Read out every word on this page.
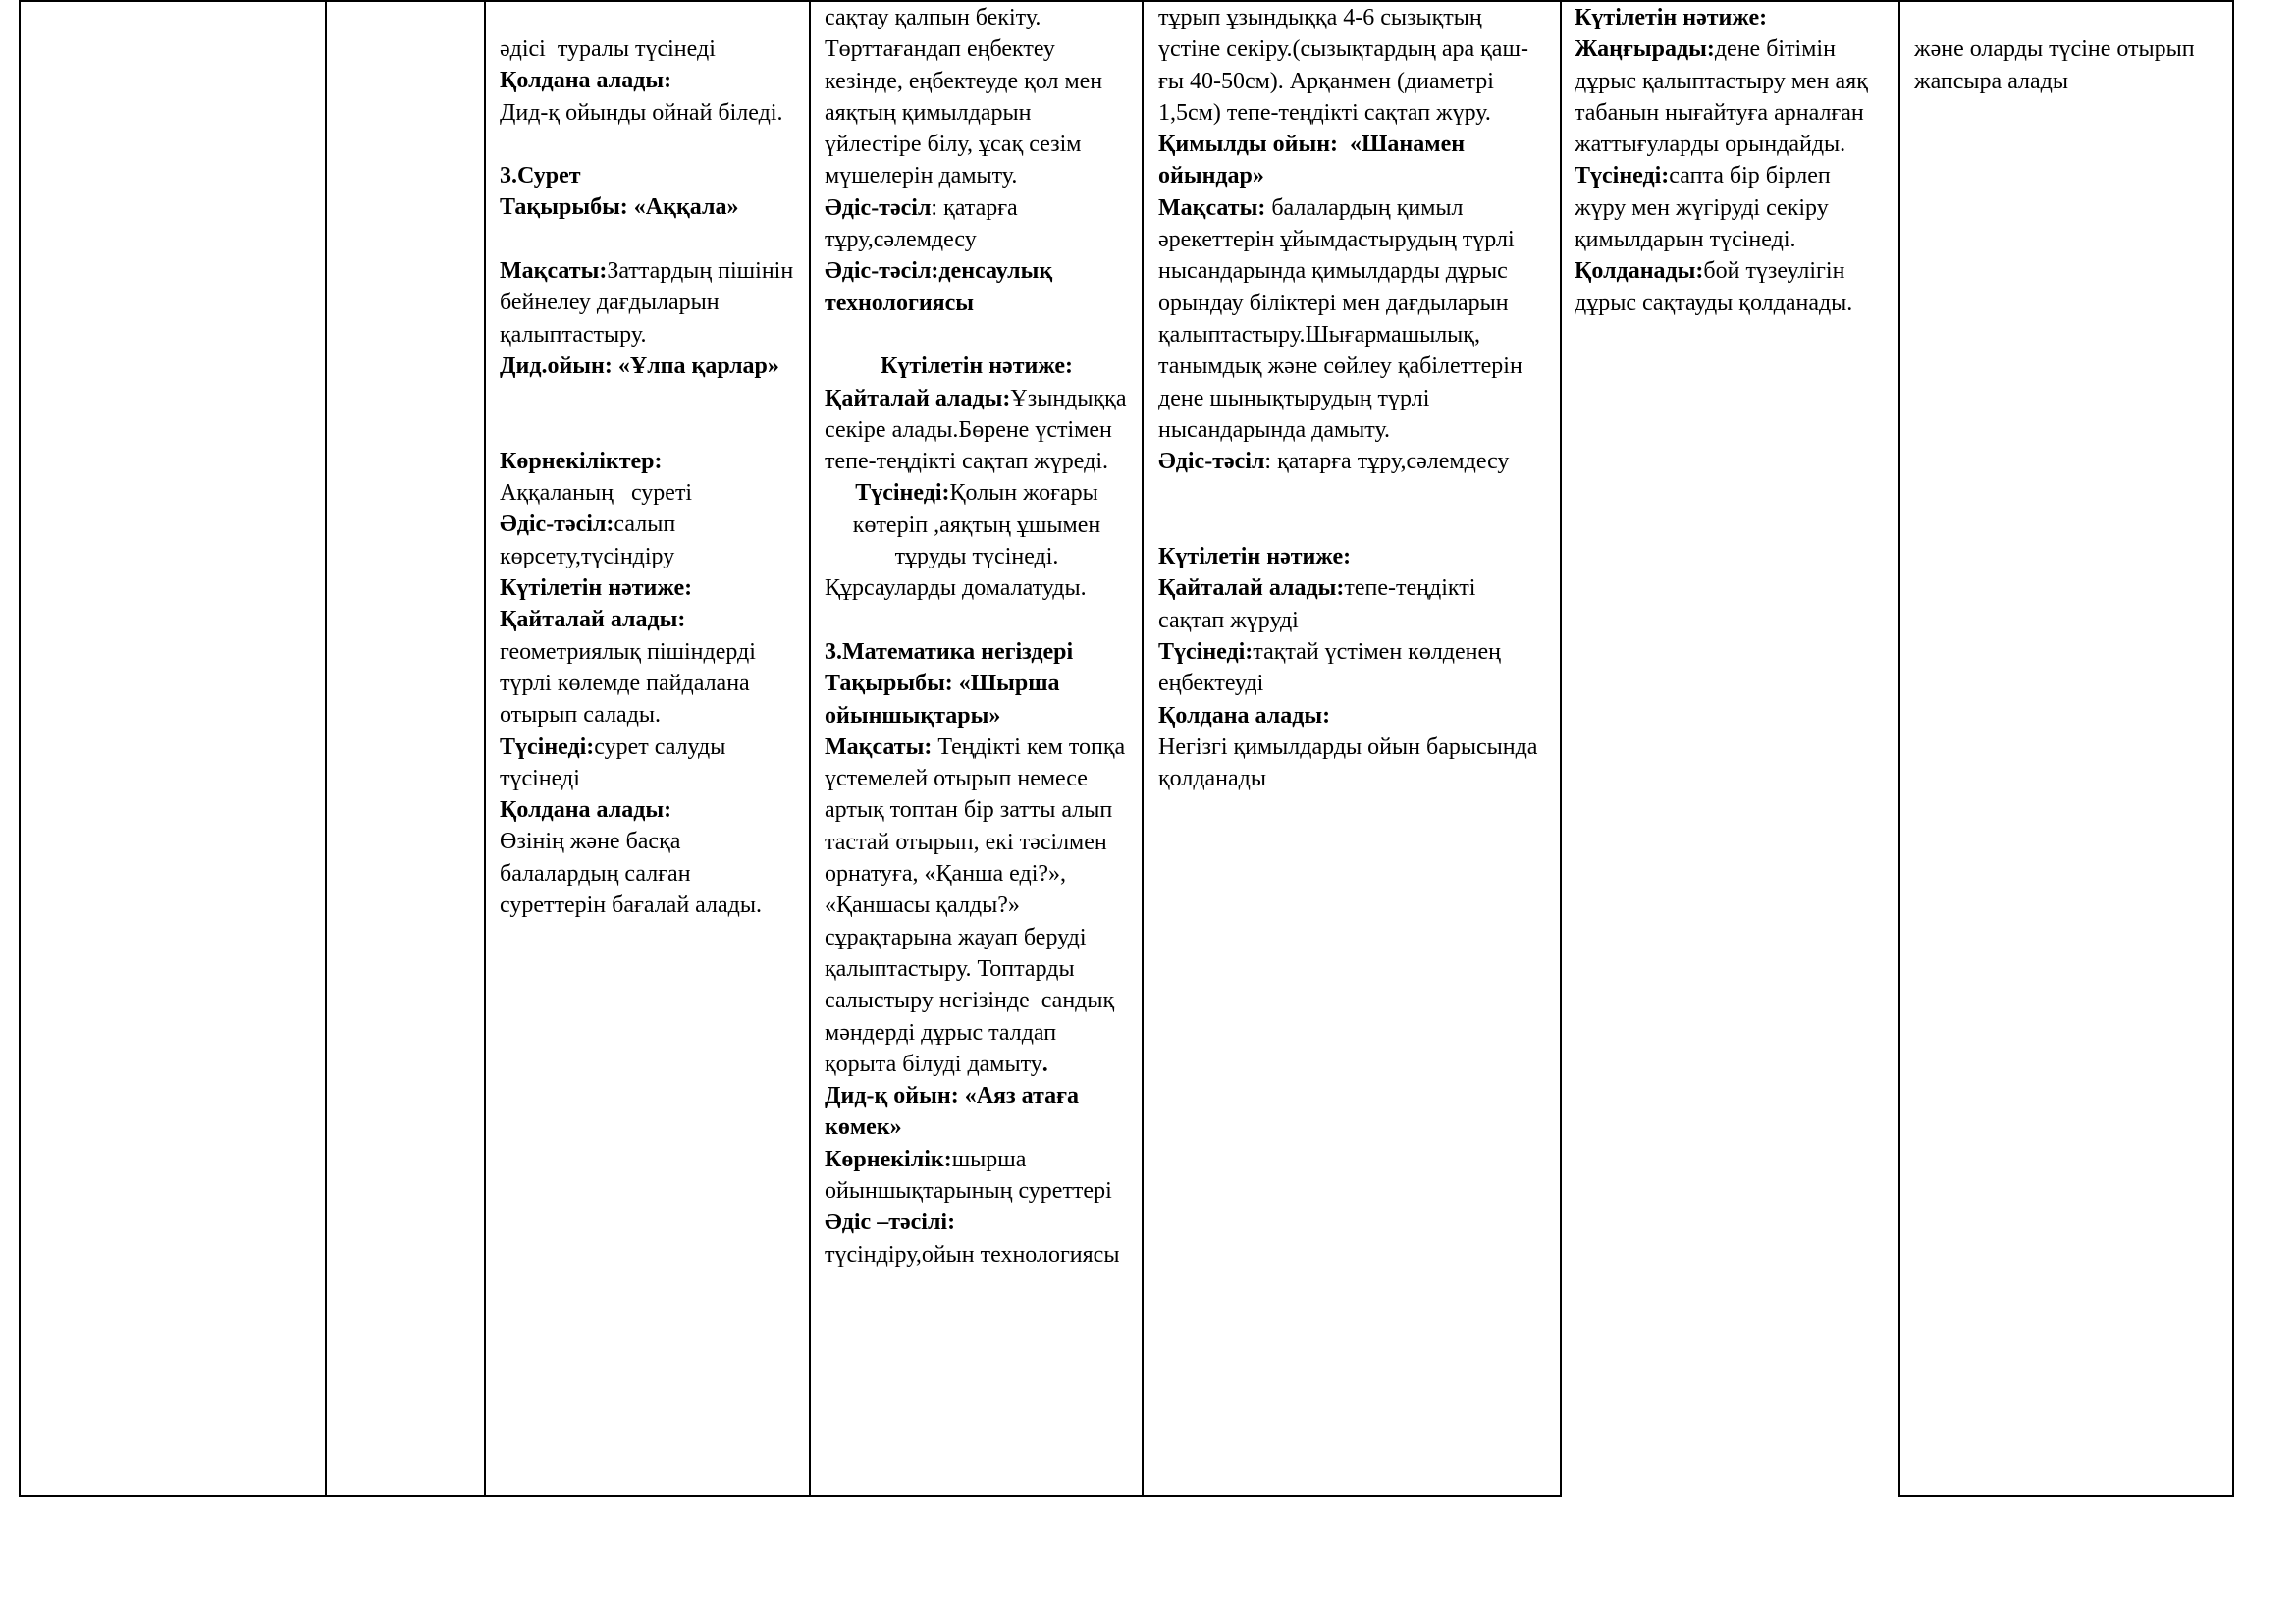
әдісі  туралы түсінеді

Қолдана алады:

Дид-қ ойынды ойнай біледі.

3.Сурет

Тақырыбы: «Аққала»

Мақсаты:Заттардың пішінін бейнелеу дағдыларын қалыптастыру.

Дид.ойын: «Ұлпа қарлар»

Көрнекіліктер:

Аққаланың   суреті

Әдіс-тәсіл:салып көрсету,түсіндіру

Күтілетін нәтиже:

Қайталай алады:

геометриялық пішіндерді түрлі көлемде пайдалана отырып салады.

Түсінеді:сурет салуды түсінеді

Қолдана алады:

Өзінің және басқа балалардың салған суреттерін бағалай алады.

сақтау қалпын бекіту. Төрттағандап еңбектеу кезінде, еңбектеуде қол мен аяқтың қимылдарын үйлестіре білу, ұсақ сезім мүшелерін дамыту.

Әдіс-тәсіл: қатарға тұру,сәлемдесу

Әдіс-тәсіл:денсаулық технологиясы

Күтілетін нәтиже:

Қайталай алады:Ұзындыққа секіре алады.Бөрене үстімен тепе-теңдікті сақтап жүреді.

Түсінеді:Қолын жоғары көтеріп ,аяқтың ұшымен тұруды түсінеді.

Құрсауларды домалатуды.

3.Математика негіздері

Тақырыбы: «Шырша ойыншықтары»

Мақсаты: Теңдікті кем топқа үстемелей отырып немесе артық топтан бір затты алып тастай отырып, екі тәсілмен орнатуға, «Қанша еді?», «Қаншасы қалды?» сұрақтарына жауап беруді  қалыптастыру. Топтарды салыстыру негізінде  сандық мәндерді дұрыс талдап қорыта білуді дамыту.

Дид-қ ойын: «Аяз атаға көмек»

Көрнекілік:шырша ойыншықтарының суреттері

Әдіс –тәсілі:

түсіндіру,ойын технологиясы

тұрып ұзындыққа 4-6 сызықтың үстіне секіру.(сызықтардың ара қаш-ғы 40-50см). Арқанмен (диаметрі 1,5см) тепе-теңдікті сақтап жүру.

Қимылды ойын:  «Шанамен ойындар»

Мақсаты: балалардың қимыл әрекеттерін ұйымдастырудың түрлі нысандарында қимылдарды дұрыс орындау біліктері мен дағдыларын қалыптастыру.Шығармашылық, танымдық және сөйлеу қабілеттерін дене шынықтырудың түрлі нысандарында дамыту.

Әдіс-тәсіл: қатарға тұру,сәлемдесу

Күтілетін нәтиже:

Қайталай алады:тепе-теңдікті сақтап жүруді

Түсінеді:тақтай үстімен көлденең еңбектеуді

Қолдана алады:

Негізгі қимылдарды ойын барысында қолданады

Күтілетін нәтиже:

Жаңғырады:дене бітімін дұрыс қалыптастыру мен аяқ табанын нығайтуға арналған жаттығуларды орындайды.

Түсінеді:сапта бір бірлеп жүру мен жүгіруді секіру қимылдарын түсінеді.

Қолданады:бой түзеулігін дұрыс сақтауды қолданады.

және оларды түсіне отырып жапсыра алады
